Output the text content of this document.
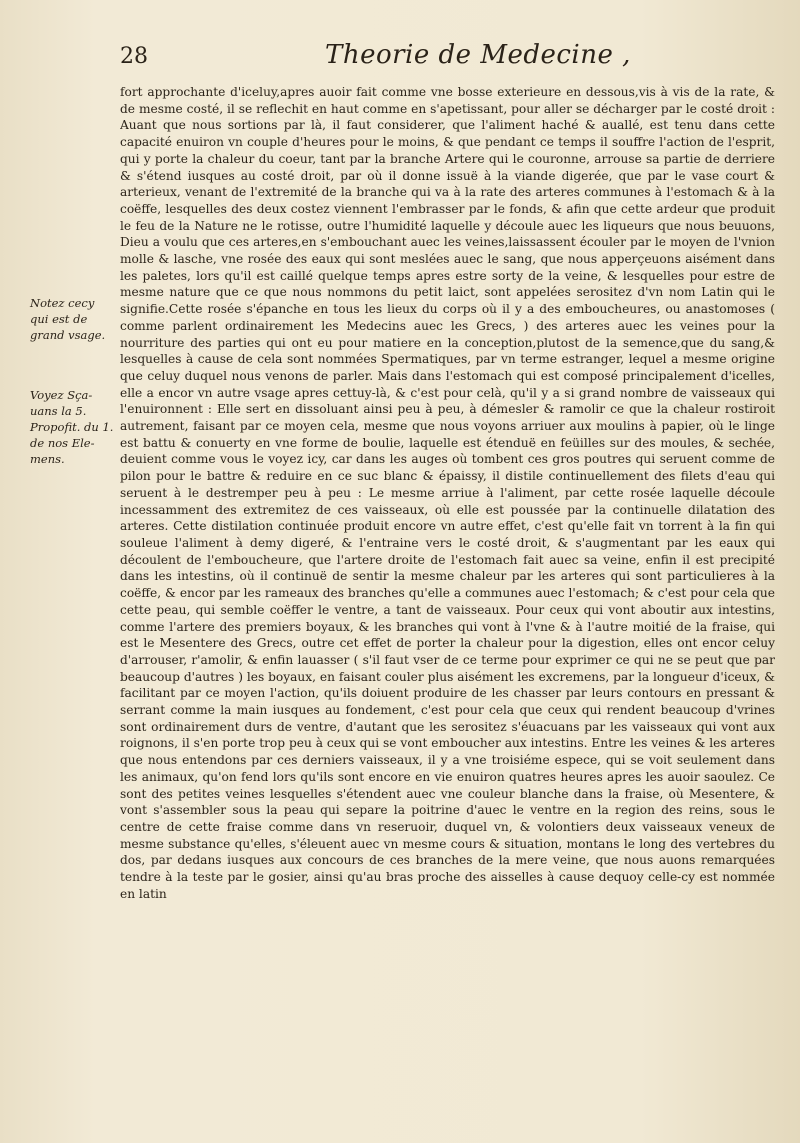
28	Theorie de Medecine ,
Notez cecy qui est de grand vsage.
Voyez Sça-uans la 5. Propofit. du 1. de nos Ele-mens.

fort approchante d'iceluy,apres auoir fait comme vne bosse exterieure en dessous,vis à vis de la rate, & de mesme costé, il se reflechit en haut comme en s'apetissant, pour aller se décharger par le costé droit : Auant que nous sortions par là, il faut considerer, que l'aliment haché & auallé, est tenu dans cette capacité enuiron vn couple d'heures pour le moins, & que pendant ce temps il souffre l'action de l'esprit, qui y porte la chaleur du coeur, tant par la branche Artere qui le couronne, arrouse sa partie de derriere & s'étend iusques au costé droit, par où il donne issuë à la viande digerée, que par le vase court & arterieux, venant de l'extremité de la branche qui va à la rate des arteres communes à l'estomach & à la coëffe, lesquelles des deux costez viennent l'embrasser par le fonds, & afin que cette ardeur que produit le feu de la Nature ne le rotisse, outre l'humidité laquelle y découle auec les liqueurs que nous beuuons, Dieu a voulu que ces arteres,en s'embouchant auec les veines,laissassent écouler par le moyen de l'vnion molle & lasche, vne rosée des eaux qui sont meslées auec le sang, que nous apperçeuons aisément dans les paletes, lors qu'il est caillé quelque temps apres estre sorty de la veine, & lesquelles pour estre de mesme nature que ce que nous nommons du petit laict, sont appelées serositez d'vn nom Latin qui le signifie.Cette rosée s'épanche en tous les lieux du corps où il y a des emboucheures, ou anastomoses ( comme parlent ordinairement les Medecins auec les Grecs, ) des arteres auec les veines pour la nourriture des parties qui ont eu pour matiere en la conception,plutost de la semence,que du sang,& lesquelles à cause de cela sont nommées Spermatiques, par vn terme estranger, lequel a mesme origine que celuy duquel nous venons de parler. Mais dans l'estomach qui est composé principalement d'icelles, elle a encor vn autre vsage apres cettuy-là, & c'est pour celà, qu'il y a si grand nombre de vaisseaux qui l'enuironnent : Elle sert en dissoluant ainsi peu à peu, à démesler & ramolir ce que la chaleur rostiroit autrement, faisant par ce moyen cela, mesme que nous voyons arriuer aux moulins à papier, où le linge est battu & conuerty en vne forme de boulie, laquelle est étenduë en feüilles sur des moules, & sechée, deuient comme vous le voyez icy, car dans les auges où tombent ces gros poutres qui seruent comme de pilon pour le battre & reduire en ce suc blanc & épaissy, il distile continuellement des filets d'eau qui seruent à le destremper peu à peu : Le mesme arriue à l'aliment, par cette rosée laquelle découle incessamment des extremitez de ces vaisseaux, où elle est poussée par la continuelle dilatation des arteres. Cette distilation continuée produit encore vn autre effet, c'est qu'elle fait vn torrent à la fin qui souleue l'aliment à demy digeré, & l'entraine vers le costé droit, & s'augmentant par les eaux qui découlent de l'emboucheure, que l'artere droite de l'estomach fait auec sa veine, enfin il est precipité dans les intestins, où il continuë de sentir la mesme chaleur par les arteres qui sont particulieres à la coëffe, & encor par les rameaux des branches qu'elle a communes auec l'estomach; & c'est pour cela que cette peau, qui semble coëffer le ventre, a tant de vaisseaux. Pour ceux qui vont aboutir aux intestins, comme l'artere des premiers boyaux, & les branches qui vont à l'vne & à l'autre moitié de la fraise, qui est le Mesentere des Grecs, outre cet effet de porter la chaleur pour la digestion, elles ont encor celuy d'arrouser, r'amolir, & enfin lauasser ( s'il faut vser de ce terme pour exprimer ce qui ne se peut que par beaucoup d'autres ) les boyaux, en faisant couler plus aisément les excremens, par la longueur d'iceux, & facilitant par ce moyen l'action, qu'ils doiuent produire de les chasser par leurs contours en pressant & serrant comme la main iusques au fondement, c'est pour cela que ceux qui rendent beaucoup d'vrines sont ordinairement durs de ventre, d'autant que les serositez s'éuacuans par les vaisseaux qui vont aux roignons, il s'en porte trop peu à ceux qui se vont emboucher aux intestins. Entre les veines & les arteres que nous entendons par ces derniers vaisseaux, il y a vne troisiéme espece, qui se voit seulement dans les animaux, qu'on fend lors qu'ils sont encore en vie enuiron quatres heures apres les auoir saoulez. Ce sont des petites veines lesquelles s'étendent auec vne couleur blanche dans la fraise, où Mesentere, & vont s'assembler sous la peau qui separe la poitrine d'auec le ventre en la region des reins, sous le centre de cette fraise comme dans vn reseruoir, duquel vn, & volontiers deux vaisseaux veneux de mesme substance qu'elles, s'éleuent auec vn mesme cours & situation, montans le long des vertebres du dos, par dedans iusques aux concours de ces branches de la mere veine, que nous auons remarquées tendre à la teste par le gosier, ainsi qu'au bras proche des aisselles à cause dequoy celle-cy est nommée en latin
